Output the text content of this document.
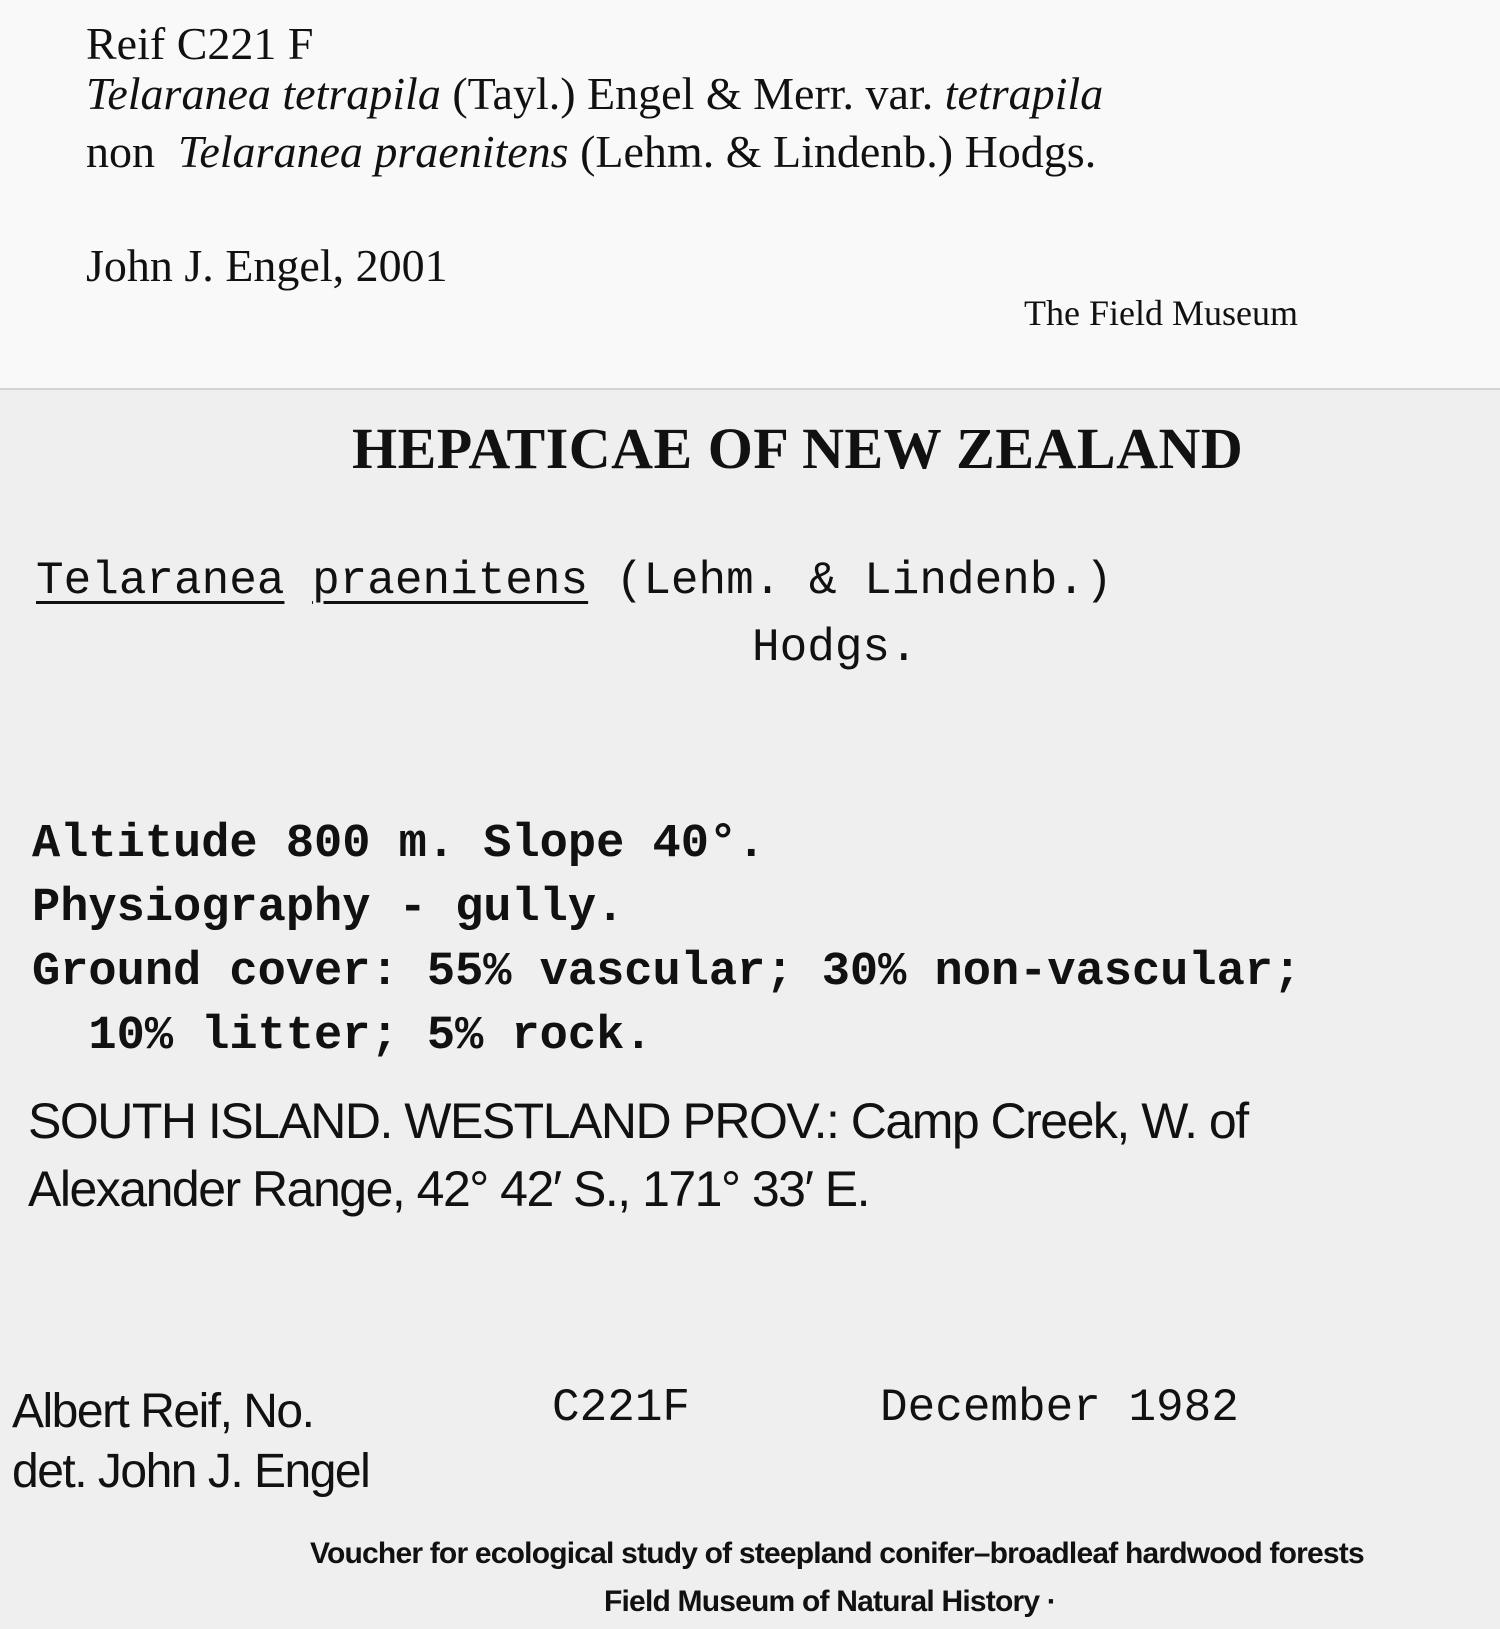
Reif C221 F
Telaranea tetrapila (Tayl.) Engel & Merr. var. tetrapila
non  Telaranea praenitens (Lehm. & Lindenb.) Hodgs.
John J. Engel, 2001
The Field Museum
HEPATICAE OF NEW ZEALAND
Telaranea praenitens (Lehm. & Lindenb.)
Hodgs.
Altitude 800 m. Slope 40°.
Physiography - gully.
Ground cover: 55% vascular; 30% non-vascular;
10% litter; 5% rock.
SOUTH ISLAND. WESTLAND PROV.: Camp Creek, W. of
Alexander Range, 42° 42′ S., 171° 33′ E.
Albert Reif, No.	C221F	December 1982
det. John J. Engel
Voucher for ecological study of steepland conifer–broadleaf hardwood forests
Field Museum of Natural History ·
